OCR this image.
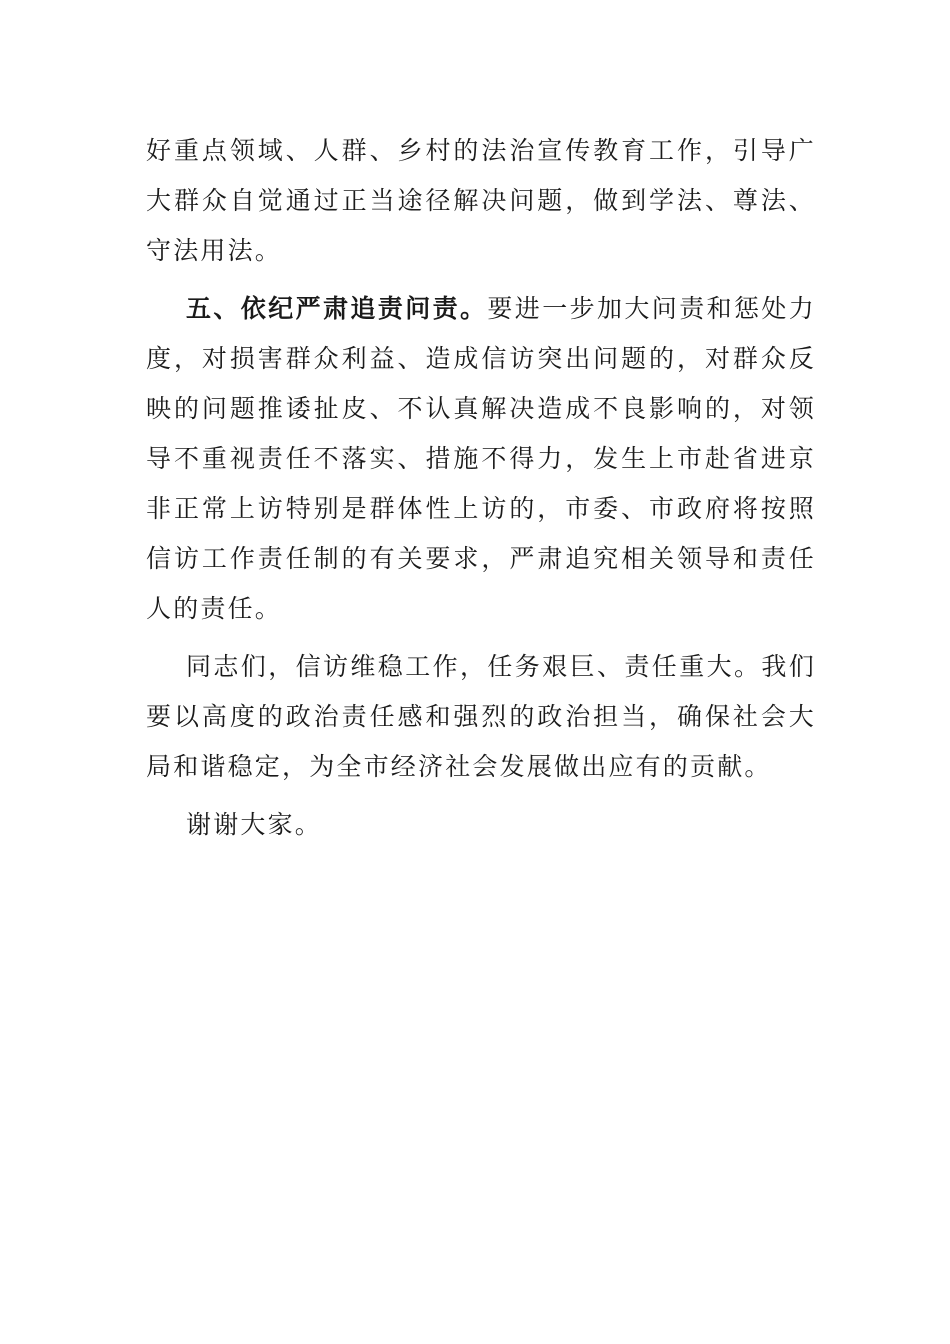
好重点领域、人群、乡村的法治宣传教育工作，引导广大群众自觉通过正当途径解决问题，做到学法、尊法、守法用法。

五、依纪严肃追责问责。要进一步加大问责和惩处力度，对损害群众利益、造成信访突出问题的，对群众反映的问题推诿扯皮、不认真解决造成不良影响的，对领导不重视责任不落实、措施不得力，发生上市赴省进京非正常上访特别是群体性上访的，市委、市政府将按照信访工作责任制的有关要求，严肃追究相关领导和责任人的责任。

同志们，信访维稳工作，任务艰巨、责任重大。我们要以高度的政治责任感和强烈的政治担当，确保社会大局和谐稳定，为全市经济社会发展做出应有的贡献。

谢谢大家。
